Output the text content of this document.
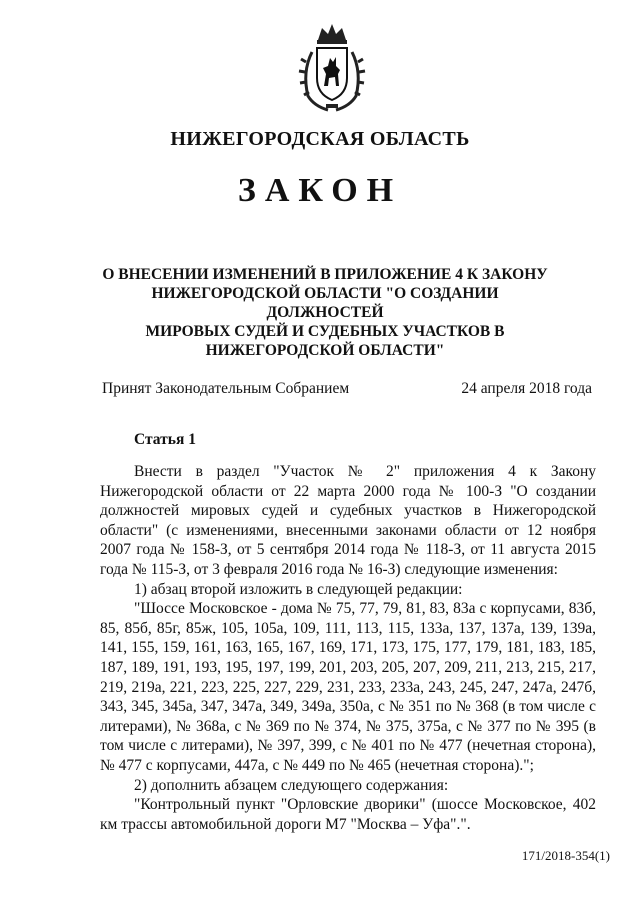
НИЖЕГОРОДСКАЯ ОБЛАСТЬ
ЗАКОН
О ВНЕСЕНИИ ИЗМЕНЕНИЙ В ПРИЛОЖЕНИЕ 4 К ЗАКОНУ
НИЖЕГОРОДСКОЙ ОБЛАСТИ "О СОЗДАНИИ ДОЛЖНОСТЕЙ
МИРОВЫХ СУДЕЙ И СУДЕБНЫХ УЧАСТКОВ В
НИЖЕГОРОДСКОЙ ОБЛАСТИ"
Принят Законодательным Собранием	24 апреля 2018 года
Статья 1

Внести в раздел "Участок № 2" приложения 4 к Закону Нижегородской области от 22 марта 2000 года № 100-З "О создании должностей мировых судей и судебных участков в Нижегородской области" (с изменениями, внесенными законами области от 12 ноября 2007 года № 158-З, от 5 сентября 2014 года № 118-З, от 11 августа 2015 года № 115-З, от 3 февраля 2016 года № 16-З) следующие изменения:

1) абзац второй изложить в следующей редакции:

"Шоссе Московское - дома № 75, 77, 79, 81, 83, 83а с корпусами, 83б, 85, 85б, 85г, 85ж, 105, 105а, 109, 111, 113, 115, 133а, 137, 137а, 139, 139а, 141, 155, 159, 161, 163, 165, 167, 169, 171, 173, 175, 177, 179, 181, 183, 185, 187, 189, 191, 193, 195, 197, 199, 201, 203, 205, 207, 209, 211, 213, 215, 217, 219, 219а, 221, 223, 225, 227, 229, 231, 233, 233а, 243, 245, 247, 247а, 247б, 343, 345, 345а, 347, 347а, 349, 349а, 350а, с № 351 по № 368 (в том числе с литерами), № 368а, с № 369 по № 374, № 375, 375а, с № 377 по № 395 (в том числе с литерами), № 397, 399, с № 401 по № 477 (нечетная сторона), № 477 с корпусами, 447а, с № 449 по № 465 (нечетная сторона).";

2) дополнить абзацем следующего содержания:

"Контрольный пункт "Орловские дворики" (шоссе Московское, 402 км трассы автомобильной дороги М7 "Москва – Уфа".".

171/2018-354(1)
